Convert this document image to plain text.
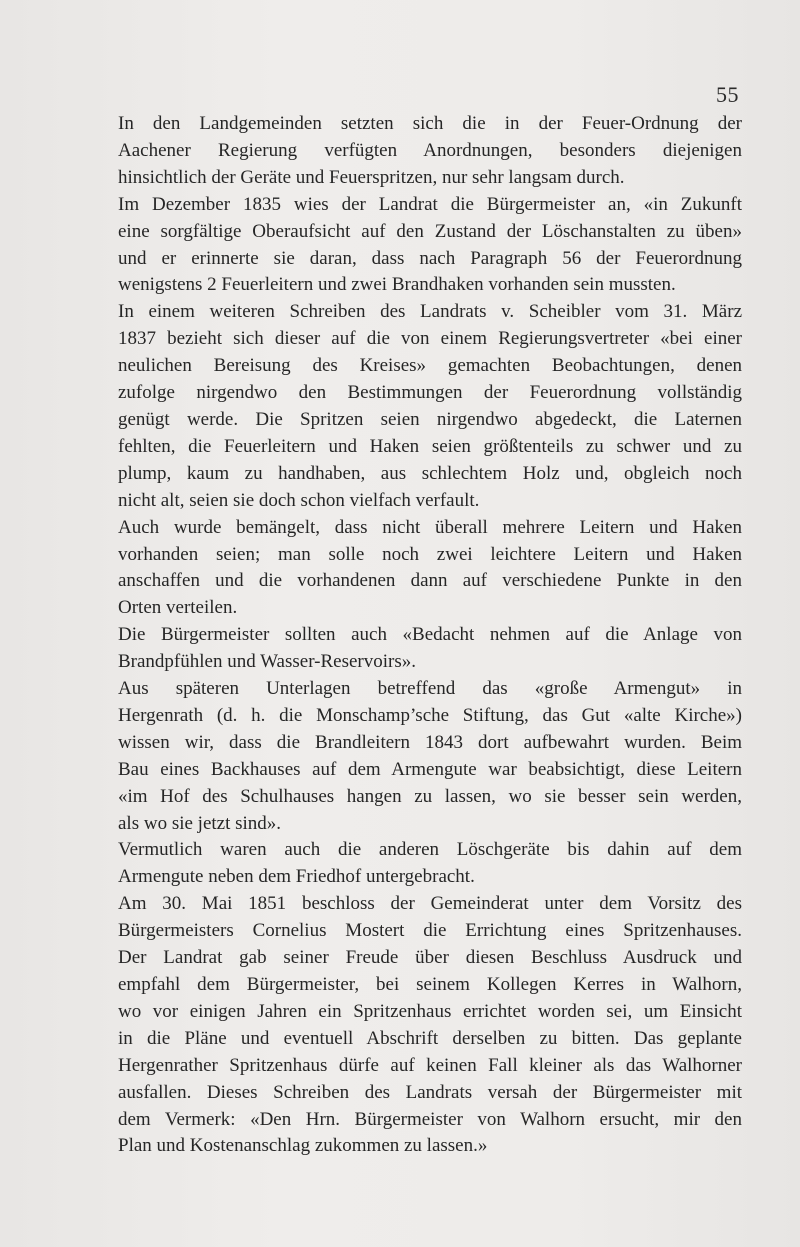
55

In den Landgemeinden setzten sich die in der Feuer-Ordnung der
Aachener Regierung verfügten Anordnungen, besonders diejenigen
hinsichtlich der Geräte und Feuerspritzen, nur sehr langsam durch.

Im Dezember 1835 wies der Landrat die Bürgermeister an, «in Zukunft
eine sorgfältige Oberaufsicht auf den Zustand der Löschanstalten zu üben»
und er erinnerte sie daran, dass nach Paragraph 56 der Feuerordnung
wenigstens 2 Feuerleitern und zwei Brandhaken vorhanden sein mussten.

In einem weiteren Schreiben des Landrats v. Scheibler vom 31. März
1837 bezieht sich dieser auf die von einem Regierungsvertreter «bei einer
neulichen Bereisung des Kreises» gemachten Beobachtungen, denen
zufolge nirgendwo den Bestimmungen der Feuerordnung vollständig
genügt werde. Die Spritzen seien nirgendwo abgedeckt, die Laternen
fehlten, die Feuerleitern und Haken seien größtenteils zu schwer und zu
plump, kaum zu handhaben, aus schlechtem Holz und, obgleich noch
nicht alt, seien sie doch schon vielfach verfault.

Auch wurde bemängelt, dass nicht überall mehrere Leitern und Haken
vorhanden seien; man solle noch zwei leichtere Leitern und Haken
anschaffen und die vorhandenen dann auf verschiedene Punkte in den
Orten verteilen.

Die Bürgermeister sollten auch «Bedacht nehmen auf die Anlage von
Brandpfühlen und Wasser-Reservoirs».

Aus späteren Unterlagen betreffend das «große Armengut» in
Hergenrath (d. h. die Monschamp’sche Stiftung, das Gut «alte Kirche»)
wissen wir, dass die Brandleitern 1843 dort aufbewahrt wurden. Beim
Bau eines Backhauses auf dem Armengute war beabsichtigt, diese Leitern
«im Hof des Schulhauses hangen zu lassen, wo sie besser sein werden,
als wo sie jetzt sind».

Vermutlich waren auch die anderen Löschgeräte bis dahin auf dem
Armengute neben dem Friedhof untergebracht.

Am 30. Mai 1851 beschloss der Gemeinderat unter dem Vorsitz des
Bürgermeisters Cornelius Mostert die Errichtung eines Spritzenhauses.
Der Landrat gab seiner Freude über diesen Beschluss Ausdruck und
empfahl dem Bürgermeister, bei seinem Kollegen Kerres in Walhorn,
wo vor einigen Jahren ein Spritzenhaus errichtet worden sei, um Einsicht
in die Pläne und eventuell Abschrift derselben zu bitten. Das geplante
Hergenrather Spritzenhaus dürfe auf keinen Fall kleiner als das Walhorner
ausfallen. Dieses Schreiben des Landrats versah der Bürgermeister mit
dem Vermerk: «Den Hrn. Bürgermeister von Walhorn ersucht, mir den
Plan und Kostenanschlag zukommen zu lassen.»
